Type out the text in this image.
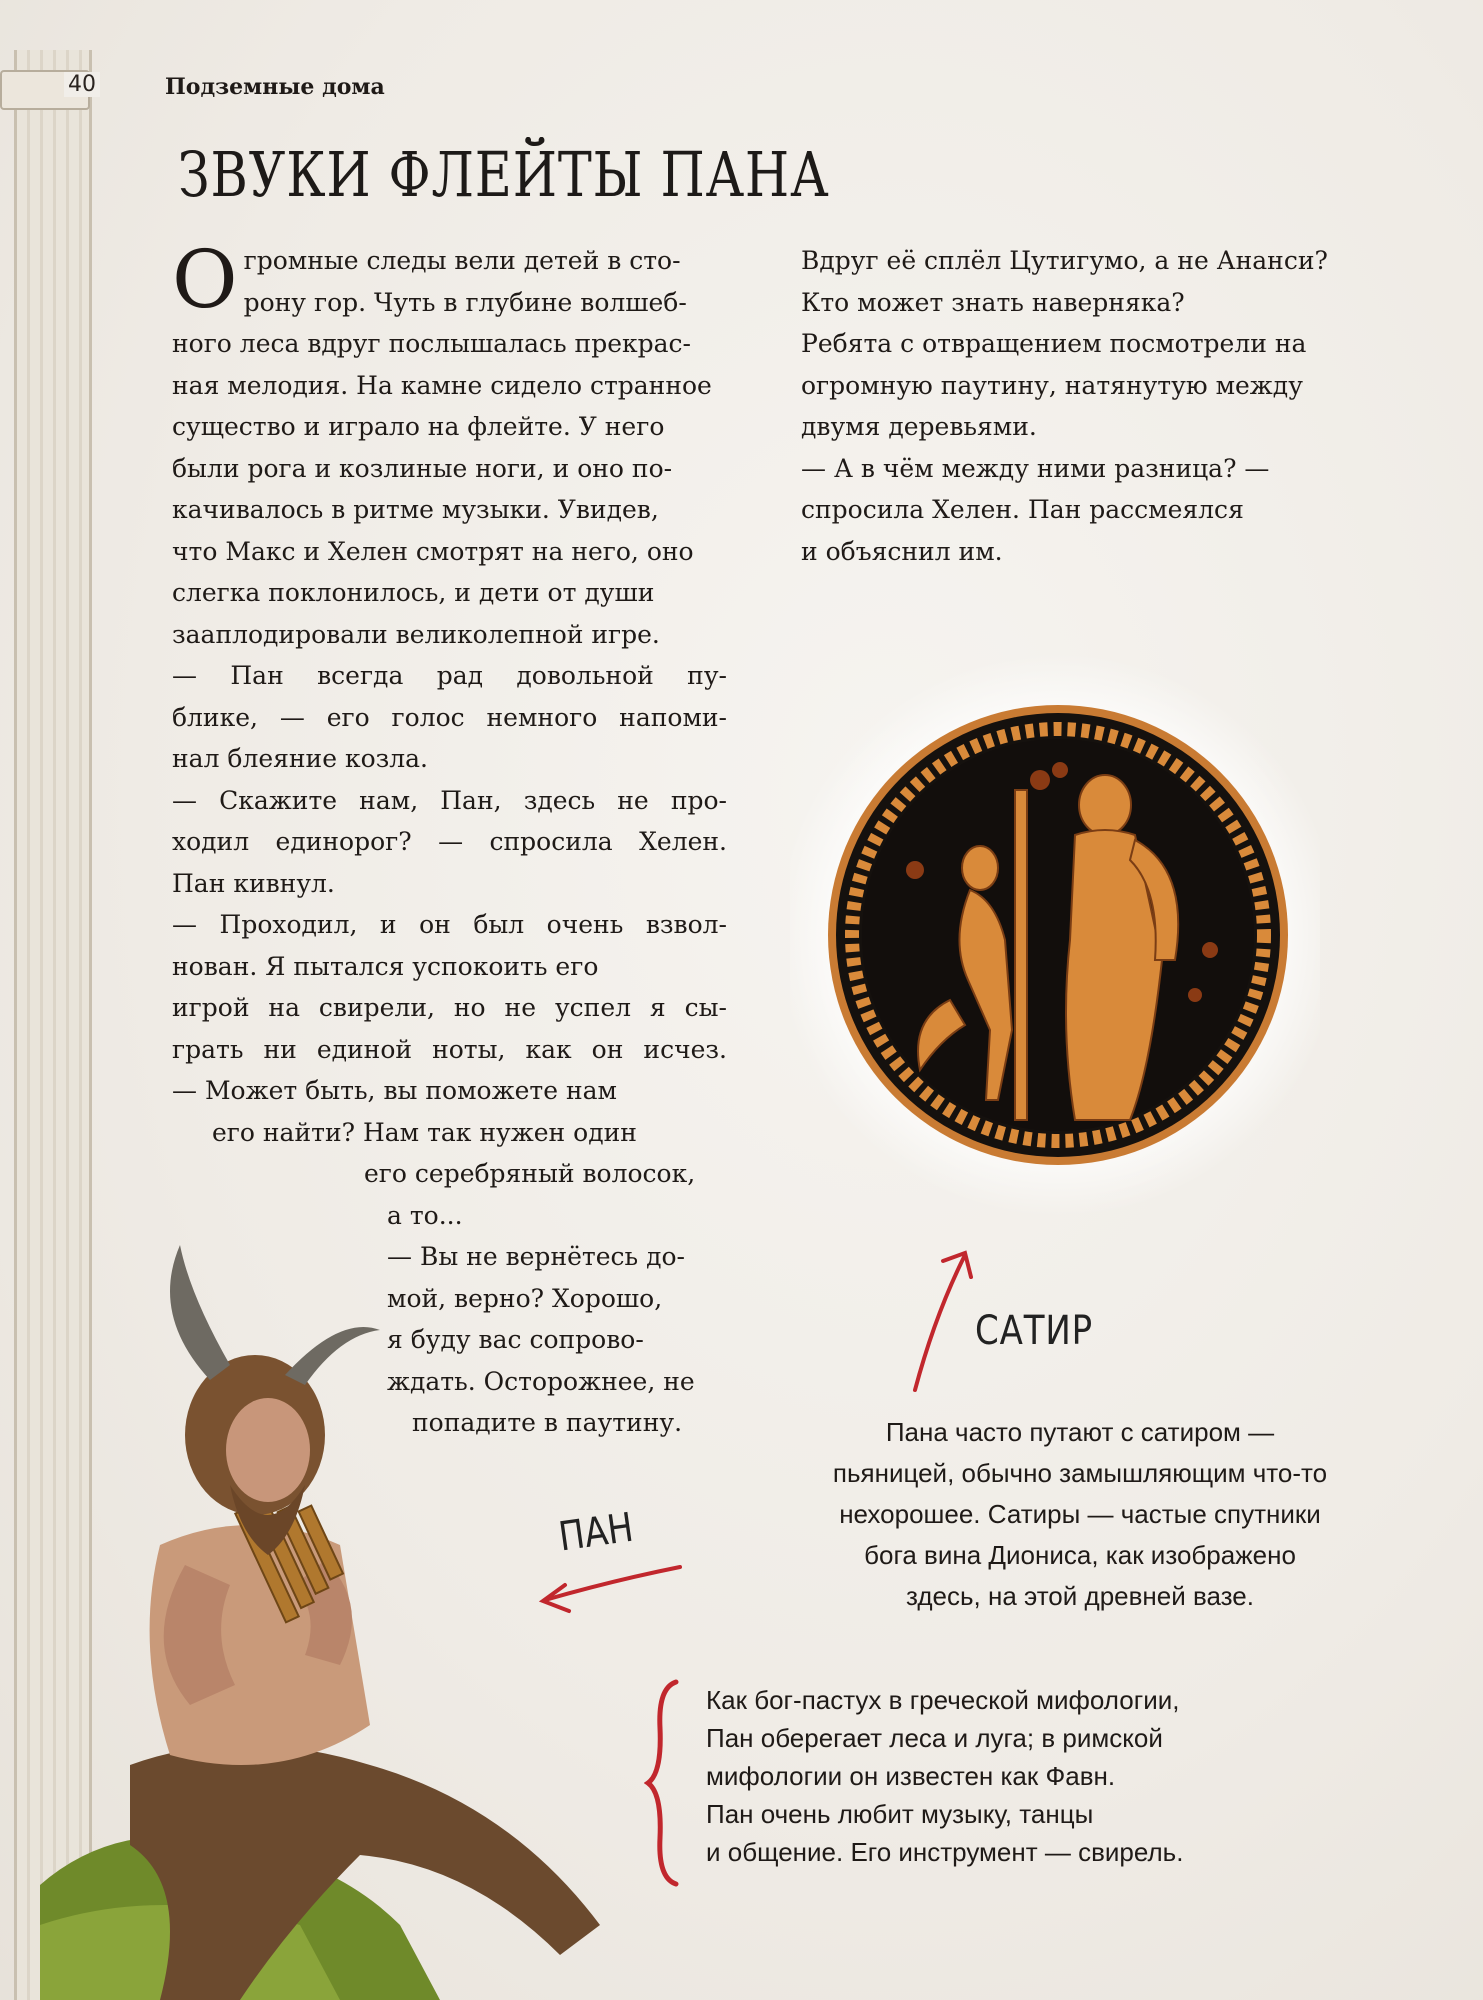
40	Подземные дома
ЗВУКИ ФЛЕЙТЫ ПАНА
О громные следы вели детей в сто-

рону гор. Чуть в глубине волшеб-

ного леса вдруг послышалась прекрас-

ная мелодия. На камне сидело странное

существо и играло на флейте. У него

были рога и козлиные ноги, и оно по-

качивалось в ритме музыки. Увидев,

что Макс и Хелен смотрят на него, оно

слегка поклонилось, и дети от души

зааплодировали великолепной игре.

— Пан всегда рад довольной пу-

блике, — его голос немного напоми-

нал блеяние козла.

— Скажите нам, Пан, здесь не про-

ходил единорог? — спросила Хелен.

Пан кивнул.

— Проходил, и он был очень взвол-

нован. Я пытался успокоить его

игрой на свирели, но не успел я сы-

грать ни единой ноты, как он исчез.

— Может быть, вы поможете нам

его найти? Нам так нужен один

его серебряный волосок,

а то...

— Вы не вернётесь до-

мой, верно? Хорошо,

я буду вас сопрово-

ждать. Осторожнее, не

попадите в паутину.

Вдруг её сплёл Цутигумо, а не Ананси?

Кто может знать наверняка?

Ребята с отвращением посмотрели на

огромную паутину, натянутую между

двумя деревьями.

— А в чём между ними разница? —

спросила Хелен. Пан рассмеялся

и объяснил им.

САТИР
Пана часто путают с сатиром —
пьяницей, обычно замышляющим что-то
нехорошее. Сатиры — частые спутники
бога вина Диониса, как изображено
здесь, на этой древней вазе.
ПАН
Как бог-пастух в греческой мифологии,
Пан оберегает леса и луга; в римской
мифологии он известен как Фавн.
Пан очень любит музыку, танцы
и общение. Его инструмент — свирель.
